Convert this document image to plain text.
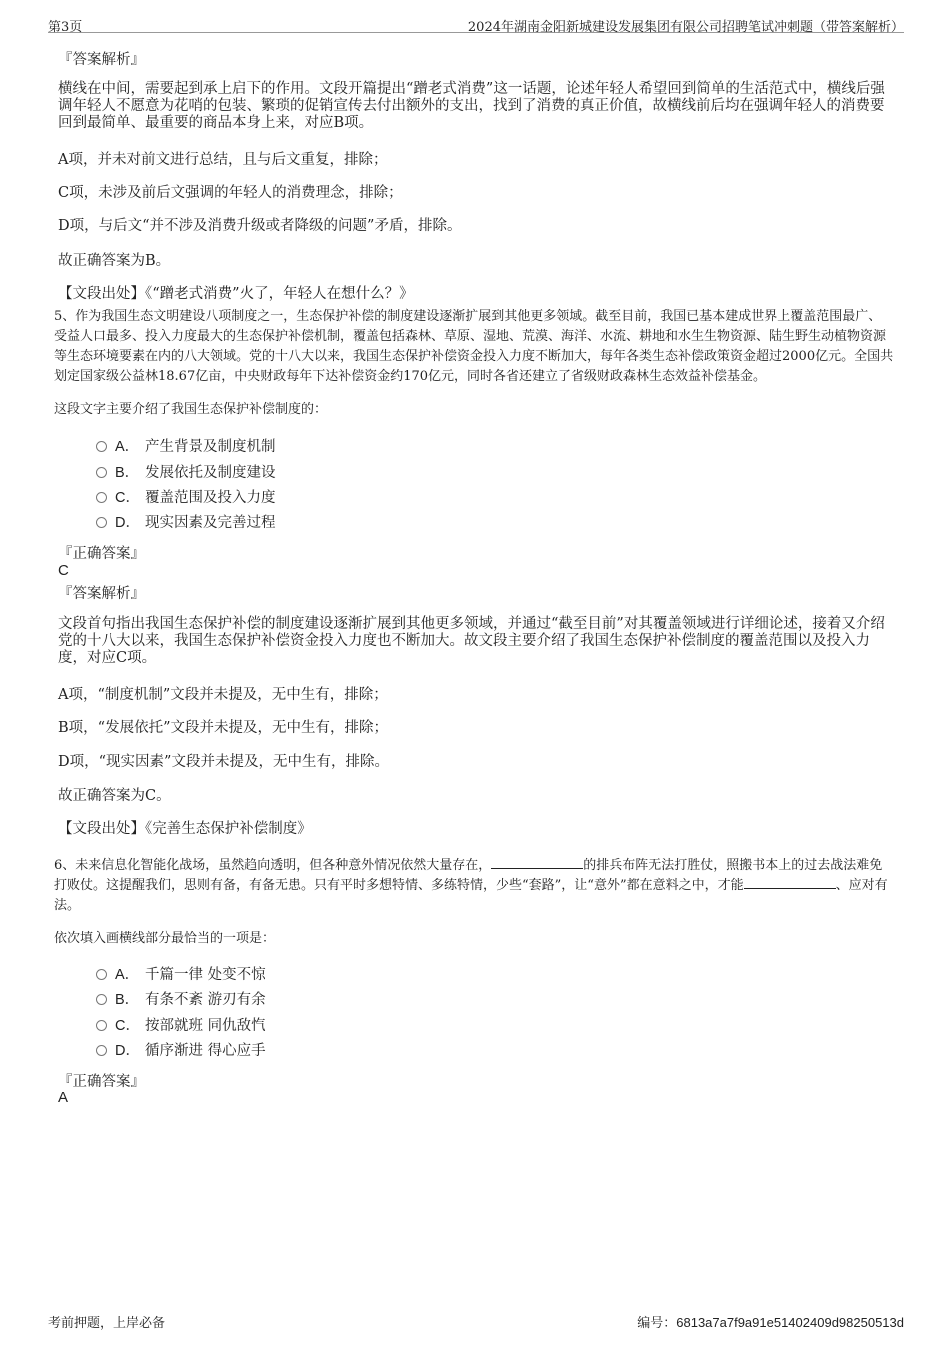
第3页	2024年湖南金阳新城建设发展集团有限公司招聘笔试冲刺题（带答案解析）
『答案解析』

横线在中间，需要起到承上启下的作用。文段开篇提出“蹭老式消费”这一话题，论述年轻人希望回到简单的生活范式中，横线后强调年轻人不愿意为花哨的包装、繁琐的促销宣传去付出额外的支出，找到了消费的真正价值，故横线前后均在强调年轻人的消费要回到最简单、最重要的商品本身上来，对应B项。

A项，并未对前文进行总结，且与后文重复，排除；

C项，未涉及前后文强调的年轻人的消费理念，排除；

D项，与后文“并不涉及消费升级或者降级的问题”矛盾，排除。

故正确答案为B。

【文段出处】《“蹭老式消费”火了，年轻人在想什么？》

5、作为我国生态文明建设八项制度之一，生态保护补偿的制度建设逐渐扩展到其他更多领域。截至目前，我国已基本建成世界上覆盖范围最广、受益人口最多、投入力度最大的生态保护补偿机制，覆盖包括森林、草原、湿地、荒漠、海洋、水流、耕地和水生生物资源、陆生野生动植物资源等生态环境要素在内的八大领域。党的十八大以来，我国生态保护补偿资金投入力度不断加大，每年各类生态补偿政策资金超过2000亿元。全国共划定国家级公益林18.67亿亩，中央财政每年下达补偿资金约170亿元，同时各省还建立了省级财政森林生态效益补偿基金。

这段文字主要介绍了我国生态保护补偿制度的：

A． 产生背景及制度机制
B． 发展依托及制度建设
C． 覆盖范围及投入力度
D． 现实因素及完善过程
『正确答案』
C
『答案解析』

文段首句指出我国生态保护补偿的制度建设逐渐扩展到其他更多领域，并通过“截至目前”对其覆盖领域进行详细论述，接着又介绍党的十八大以来，我国生态保护补偿资金投入力度也不断加大。故文段主要介绍了我国生态保护补偿制度的覆盖范围以及投入力度，对应C项。

A项，“制度机制”文段并未提及，无中生有，排除；

B项，“发展依托”文段并未提及，无中生有，排除；

D项，“现实因素”文段并未提及，无中生有，排除。

故正确答案为C。

【文段出处】《完善生态保护补偿制度》

6、未来信息化智能化战场，虽然趋向透明，但各种意外情况依然大量存在，	的排兵布阵无法打胜仗，照搬书本上的过去战法难免打败仗。这提醒我们，思则有备，有备无患。只有平时多想特情、多练特情，少些“套路”，让“意外”都在意料之中，才能	、应对有法。

依次填入画横线部分最恰当的一项是：

A． 千篇一律 处变不惊
B． 有条不紊 游刃有余
C． 按部就班 同仇敌忾
D． 循序渐进 得心应手
『正确答案』
A
考前押题，上岸必备	编号：6813a7a7f9a91e51402409d98250513d
